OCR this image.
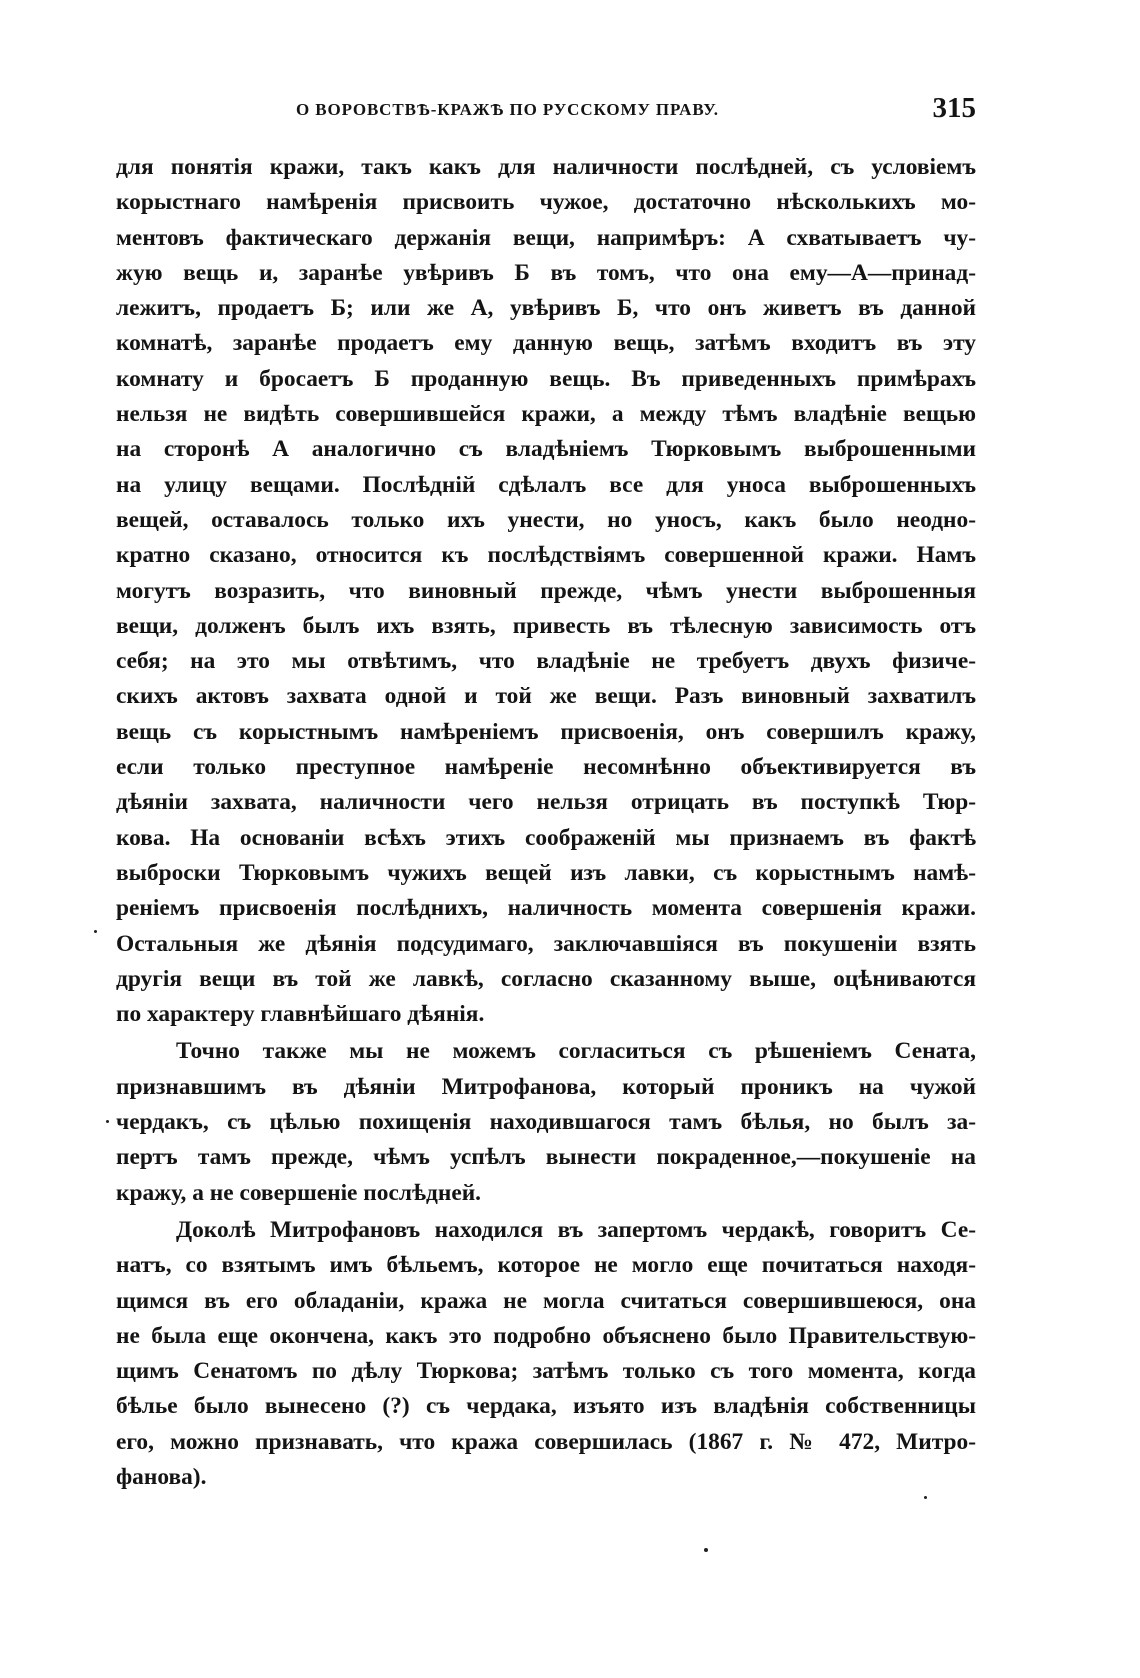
О ВОРОВСТВѢ-КРАЖѢ ПО РУССКОМУ ПРАВУ.	315
для понятія кражи, такъ какъ для наличности послѣдней, съ условіемъ
корыстнаго намѣренія присвоить чужое, достаточно нѣсколькихъ мо-
ментовъ фактическаго держанія вещи, напримѣръ: А схватываетъ чу-
жую вещь и, заранѣе увѣривъ Б въ томъ, что она ему—А—принад-
лежитъ, продаетъ Б; или же А, увѣривъ Б, что онъ живетъ въ данной
комнатѣ, заранѣе продаетъ ему данную вещь, затѣмъ входитъ въ эту
комнату и бросаетъ Б проданную вещь. Въ приведенныхъ примѣрахъ
нельзя не видѣть совершившейся кражи, а между тѣмъ владѣніе вещью
на сторонѣ А аналогично съ владѣніемъ Тюрковымъ выброшенными
на улицу вещами. Послѣдній сдѣлалъ все для уноса выброшенныхъ
вещей, оставалось только ихъ унести, но уносъ, какъ было неодно-
кратно сказано, относится къ послѣдствіямъ совершенной кражи. Намъ
могутъ возразить, что виновный прежде, чѣмъ унести выброшенныя
вещи, долженъ былъ ихъ взять, привесть въ тѣлесную зависимость отъ
себя; на это мы отвѣтимъ, что владѣніе не требуетъ двухъ физиче-
скихъ актовъ захвата одной и той же вещи. Разъ виновный захватилъ
вещь съ корыстнымъ намѣреніемъ присвоенія, онъ совершилъ кражу,
если только преступное намѣреніе несомнѣнно объективируется въ
дѣяніи захвата, наличности чего нельзя отрицать въ поступкѣ Тюр-
кова. На основаніи всѣхъ этихъ соображеній мы признаемъ въ фактѣ
выброски Тюрковымъ чужихъ вещей изъ лавки, съ корыстнымъ намѣ-
реніемъ присвоенія послѣднихъ, наличность момента совершенія кражи.
Остальныя же дѣянія подсудимаго, заключавшіяся въ покушеніи взять
другія вещи въ той же лавкѣ, согласно сказанному выше, оцѣниваются
по характеру главнѣйшаго дѣянія.
Точно также мы не можемъ согласиться съ рѣшеніемъ Сената,
признавшимъ въ дѣяніи Митрофанова, который проникъ на чужой
чердакъ, съ цѣлью похищенія находившагося тамъ бѣлья, но былъ за-
пертъ тамъ прежде, чѣмъ успѣлъ вынести покраденное,—покушеніе на
кражу, а не совершеніе послѣдней.
Доколѣ Митрофановъ находился въ запертомъ чердакѣ, говоритъ Се-
натъ, со взятымъ имъ бѣльемъ, которое не могло еще почитаться находя-
щимся въ его обладаніи, кража не могла считаться совершившеюся, она
не была еще окончена, какъ это подробно объяснено было Правительствую-
щимъ Сенатомъ по дѣлу Тюркова; затѣмъ только съ того момента, когда
бѣлье было вынесено (?) съ чердака, изъято изъ владѣнія собственницы
его, можно признавать, что кража совершилась (1867 г. № 472, Митро-
фанова).
